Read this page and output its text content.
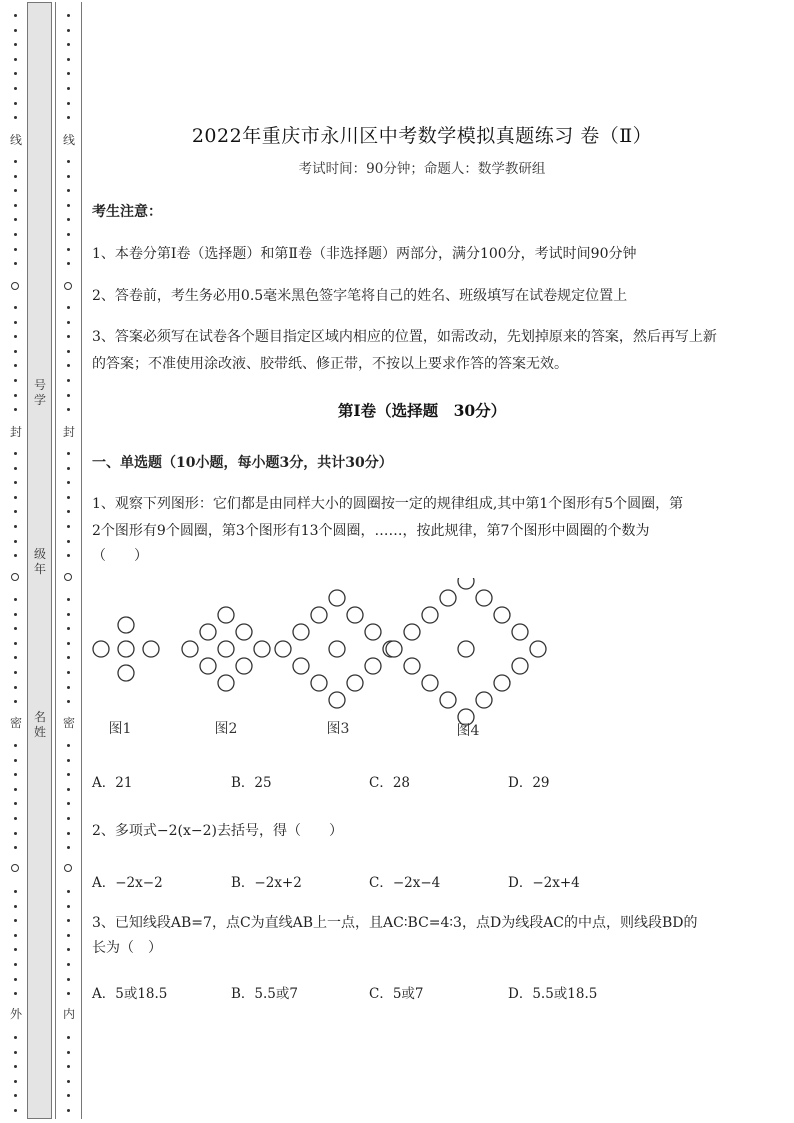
线
封
密
外
线
封
密
内
号学
级年
名姓
2022年重庆市永川区中考数学模拟真题练习 卷（Ⅱ）
考试时间：90分钟；命题人：数学教研组
考生注意：
1、本卷分第Ⅰ卷（选择题）和第Ⅱ卷（非选择题）两部分，满分100分，考试时间90分钟
2、答卷前，考生务必用0.5毫米黑色签字笔将自己的姓名、班级填写在试卷规定位置上
3、答案必须写在试卷各个题目指定区域内相应的位置，如需改动，先划掉原来的答案，然后再写上新
的答案；不准使用涂改液、胶带纸、修正带，不按以上要求作答的答案无效。
第Ⅰ卷（选择题　30分）
一、单选题（10小题，每小题3分，共计30分）
1、观察下列图形：它们都是由同样大小的圆圈按一定的规律组成,其中第1个图形有5个圆圈，第
2个图形有9个圆圈，第3个图形有13个圆圈，……，按此规律，第7个图形中圆圈的个数为
（　　）
图1	图2	图3	图4
A．21	B．25	C．28	D．29
2、多项式−2(x−2)去括号，得（　　）
A．−2x−2	B．−2x+2	C．−2x−4	D．−2x+4
3、已知线段AB=7，点C为直线AB上一点，且AC∶BC=4∶3，点D为线段AC的中点，则线段BD的
长为（　）
A．5或18.5	B．5.5或7	C．5或7	D．5.5或18.5
